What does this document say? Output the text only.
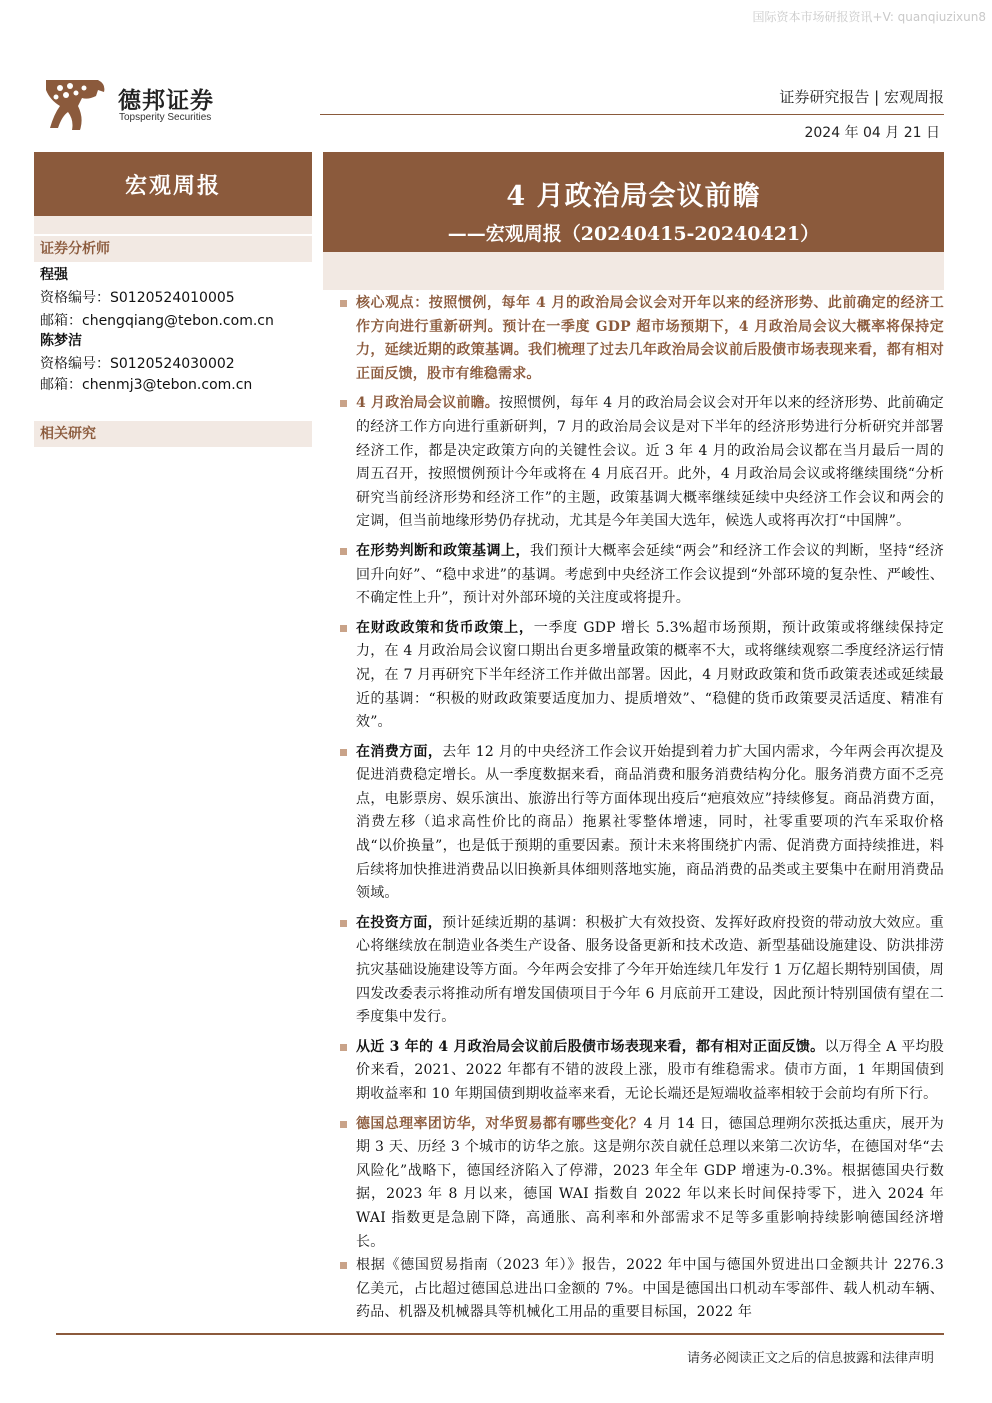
国际资本市场研报资讯+V: quanqiuzixun8
德邦证券
Topsperity Securities
证券研究报告 | 宏观周报
2024 年 04 月 21 日
宏观周报	4 月政治局会议前瞻
——宏观周报（20240415-20240421）
证券分析师
程强
资格编号：S0120524010005
邮箱：chengqiang@tebon.com.cn
陈梦洁
资格编号：S0120524030002
邮箱：chenmj3@tebon.com.cn
相关研究
核心观点：按照惯例，每年 4 月的政治局会议会对开年以来的经济形势、此前确定的经济工作方向进行重新研判。预计在一季度 GDP 超市场预期下，4 月政治局会议大概率将保持定力，延续近期的政策基调。我们梳理了过去几年政治局会议前后股债市场表现来看，都有相对正面反馈，股市有维稳需求。
4 月政治局会议前瞻。按照惯例，每年 4 月的政治局会议会对开年以来的经济形势、此前确定的经济工作方向进行重新研判，7 月的政治局会议是对下半年的经济形势进行分析研究并部署经济工作，都是决定政策方向的关键性会议。近 3 年 4 月的政治局会议都在当月最后一周的周五召开，按照惯例预计今年或将在 4 月底召开。此外，4 月政治局会议或将继续围绕“分析研究当前经济形势和经济工作”的主题，政策基调大概率继续延续中央经济工作会议和两会的定调，但当前地缘形势仍存扰动，尤其是今年美国大选年，候选人或将再次打“中国牌”。
在形势判断和政策基调上，我们预计大概率会延续“两会”和经济工作会议的判断，坚持“经济回升向好”、“稳中求进”的基调。考虑到中央经济工作会议提到“外部环境的复杂性、严峻性、不确定性上升”，预计对外部环境的关注度或将提升。
在财政政策和货币政策上，一季度 GDP 增长 5.3%超市场预期，预计政策或将继续保持定力，在 4 月政治局会议窗口期出台更多增量政策的概率不大，或将继续观察二季度经济运行情况，在 7 月再研究下半年经济工作并做出部署。因此，4 月财政政策和货币政策表述或延续最近的基调：“积极的财政政策要适度加力、提质增效”、“稳健的货币政策要灵活适度、精准有效”。
在消费方面，去年 12 月的中央经济工作会议开始提到着力扩大国内需求，今年两会再次提及促进消费稳定增长。从一季度数据来看，商品消费和服务消费结构分化。服务消费方面不乏亮点，电影票房、娱乐演出、旅游出行等方面体现出疫后“疤痕效应”持续修复。商品消费方面，消费左移（追求高性价比的商品）拖累社零整体增速，同时，社零重要项的汽车采取价格战“以价换量”，也是低于预期的重要因素。预计未来将围绕扩内需、促消费方面持续推进，料后续将加快推进消费品以旧换新具体细则落地实施，商品消费的品类或主要集中在耐用消费品领域。
在投资方面，预计延续近期的基调：积极扩大有效投资、发挥好政府投资的带动放大效应。重心将继续放在制造业各类生产设备、服务设备更新和技术改造、新型基础设施建设、防洪排涝抗灾基础设施建设等方面。今年两会安排了今年开始连续几年发行 1 万亿超长期特别国债，周四发改委表示将推动所有增发国债项目于今年 6 月底前开工建设，因此预计特别国债有望在二季度集中发行。
从近 3 年的 4 月政治局会议前后股债市场表现来看，都有相对正面反馈。以万得全 A 平均股价来看，2021、2022 年都有不错的波段上涨，股市有维稳需求。债市方面，1 年期国债到期收益率和 10 年期国债到期收益率来看，无论长端还是短端收益率相较于会前均有所下行。
德国总理率团访华，对华贸易都有哪些变化？4 月 14 日，德国总理朔尔茨抵达重庆，展开为期 3 天、历经 3 个城市的访华之旅。这是朔尔茨自就任总理以来第二次访华，在德国对华“去风险化”战略下，德国经济陷入了停滞，2023 年全年 GDP 增速为-0.3%。根据德国央行数据，2023 年 8 月以来，德国 WAI 指数自 2022 年以来长时间保持零下，进入 2024 年 WAI 指数更是急剧下降，高通胀、高利率和外部需求不足等多重影响持续影响德国经济增长。
根据《德国贸易指南（2023 年）》报告，2022 年中国与德国外贸进出口金额共计 2276.3 亿美元，占比超过德国总进出口金额的 7%。中国是德国出口机动车零部件、载人机动车辆、药品、机器及机械器具等机械化工用品的重要目标国，2022 年
请务必阅读正文之后的信息披露和法律声明
